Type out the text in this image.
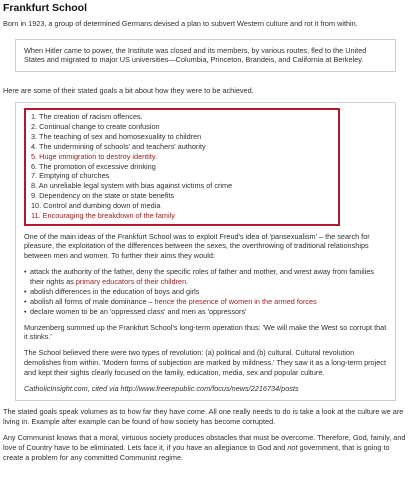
Frankfurt School

Born in 1923, a group of determined Germans devised a plan to subvert Western culture and rot it from within.

When Hitler came to power, the Institute was closed and its members, by various routes, fled to the United States and migrated to major US universities—Columbia, Princeton, Brandeis, and California at Berkeley.

Here are some of their stated goals a bit about how they were to be achieved.

1. The creation of racism offences.
2. Continual change to create confusion
3. The teaching of sex and homosexuality to children
4. The undermining of schools' and teachers' authority
5. Huge immigration to destroy identity.
6. The promotion of excessive drinking
7. Emptying of churches
8. An unreliable legal system with bias against victims of crime
9. Dependency on the state or state benefits
10. Control and dumbing down of media
11. Encouraging the breakdown of the family

One of the main ideas of the Frankfurt School was to exploit Freud's idea of 'pansexualism' – the search for pleasure, the exploitation of the differences between the sexes, the overthrowing of traditional relationships between men and women. To further their aims they would:

• attack the authority of the father, deny the specific roles of father and mother, and wrest away from families their rights as primary educators of their children.
• abolish differences in the education of boys and girls
• abolish all forms of male dominance – hence the presence of women in the armed forces
• declare women to be an 'oppressed class' and men as 'oppressors'

Munzenberg summed up the Frankfurt School's long-term operation thus: 'We will make the West so corrupt that it stinks.'

The School believed there were two types of revolution: (a) political and (b) cultural. Cultural revolution demolishes from within. 'Modern forms of subjection are marked by mildness.' They saw it as a long-term project and kept their sights clearly focused on the family, education, media, sex and popular culture.

CatholicInsight.com, cited via http://www.freerepublic.com/focus/news/2216734/posts

The stated goals speak volumes as to how far they have come. All one really needs to do is take a look at the culture we are living in. Example after example can be found of how society has become corrupted.

Any Communist knows that a moral, virtuous society produces obstacles that must be overcome. Therefore, God, family, and love of Country have to be eliminated. Lets face it, if you have an allegiance to God and not government, that is going to create a problem for any committed Communist regime.
